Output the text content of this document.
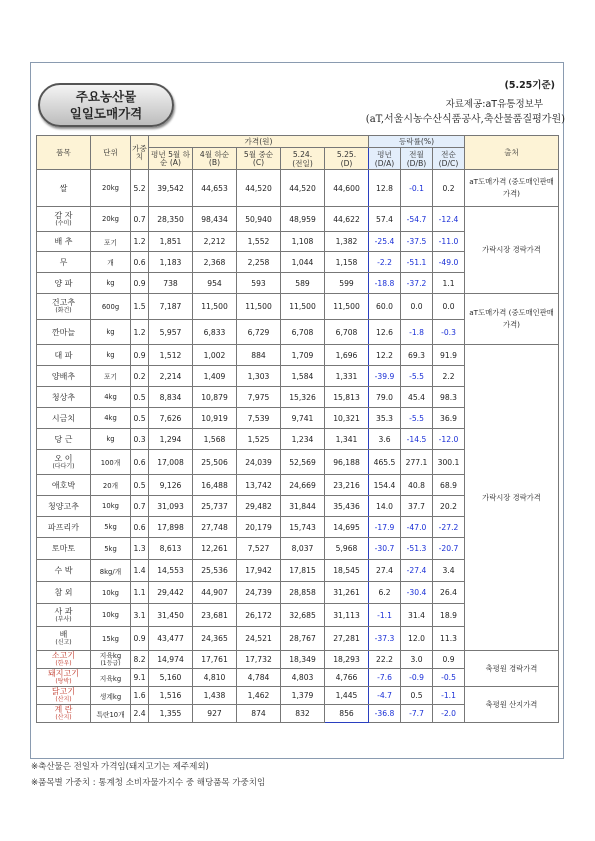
주요농산물
일일도매가격
(5.25기준)
자료제공:aT유통정보부
(aT,서울시농수산식품공사,축산물품질평가원)
품목	단위	가중치	가격(원)					등락률(%)			출처
			평년 5월 하순 (A)	4월 하순 (B)	5월 중순 (C)	5.24.
(전일)	5.25.
(D)	평년
(D/A)	전월
(D/B)	전순
(D/C)	

쌀	20kg	5.2	39,542	44,653	44,520	44,520	44,600	12.8	-0.1	0.2	aT도매가격 (중도매인판매가격)

감 자
(수미)	20kg	0.7	28,350	98,434	50,940	48,959	44,622	57.4	-54.7	-12.4	가락시장 경락가격

배 추	포기	1.2	1,851	2,212	1,552	1,108	1,382	-25.4	-37.5	-11.0	

무	개	0.6	1,183	2,368	2,258	1,044	1,158	-2.2	-51.1	-49.0	

양 파	kg	0.9	738	954	593	589	599	-18.8	-37.2	1.1	

건고추
(화건)	600g	1.5	7,187	11,500	11,500	11,500	11,500	60.0	0.0	0.0	aT도매가격 (중도매인판매가격)

깐마늘	kg	1.2	5,957	6,833	6,729	6,708	6,708	12.6	-1.8	-0.3	

대 파	kg	0.9	1,512	1,002	884	1,709	1,696	12.2	69.3	91.9	가락시장 경락가격

양배추	포기	0.2	2,214	1,409	1,303	1,584	1,331	-39.9	-5.5	2.2	

청상추	4kg	0.5	8,834	10,879	7,975	15,326	15,813	79.0	45.4	98.3	

시금치	4kg	0.5	7,626	10,919	7,539	9,741	10,321	35.3	-5.5	36.9	

당 근	kg	0.3	1,294	1,568	1,525	1,234	1,341	3.6	-14.5	-12.0	

오 이
(다다기)	100개	0.6	17,008	25,506	24,039	52,569	96,188	465.5	277.1	300.1	

애호박	20개	0.5	9,126	16,488	13,742	24,669	23,216	154.4	40.8	68.9	

청양고추	10kg	0.7	31,093	25,737	29,482	31,844	35,436	14.0	37.7	20.2	

파프리카	5kg	0.6	17,898	27,748	20,179	15,743	14,695	-17.9	-47.0	-27.2	

토마토	5kg	1.3	8,613	12,261	7,527	8,037	5,968	-30.7	-51.3	-20.7	

수 박	8kg/개	1.4	14,553	25,536	17,942	17,815	18,545	27.4	-27.4	3.4	

참 외	10kg	1.1	29,442	44,907	24,739	28,858	31,261	6.2	-30.4	26.4	

사 과
(부사)	10kg	3.1	31,450	23,681	26,172	32,685	31,113	-1.1	31.4	18.9	

배
(신고)	15kg	0.9	43,477	24,365	24,521	28,767	27,281	-37.3	12.0	11.3	

소고기
(한우)	지육kg
(1등급)	8.2	14,974	17,761	17,732	18,349	18,293	22.2	3.0	0.9	축평원 경락가격

돼지고기
(탕박)	지육kg	9.1	5,160	4,810	4,784	4,803	4,766	-7.6	-0.9	-0.5	

닭고기
(산지)	생계kg	1.6	1,516	1,438	1,462	1,379	1,445	-4.7	0.5	-1.1	축평원 산지가격

계 란
(산지)	특란10개	2.4	1,355	927	874	832	856	-36.8	-7.7	-2.0	
※축산물은 전일자 가격임(돼지고기는 제주제외)
※품목별 가중치 : 통계청 소비자물가지수 중 해당품목 가중치임
